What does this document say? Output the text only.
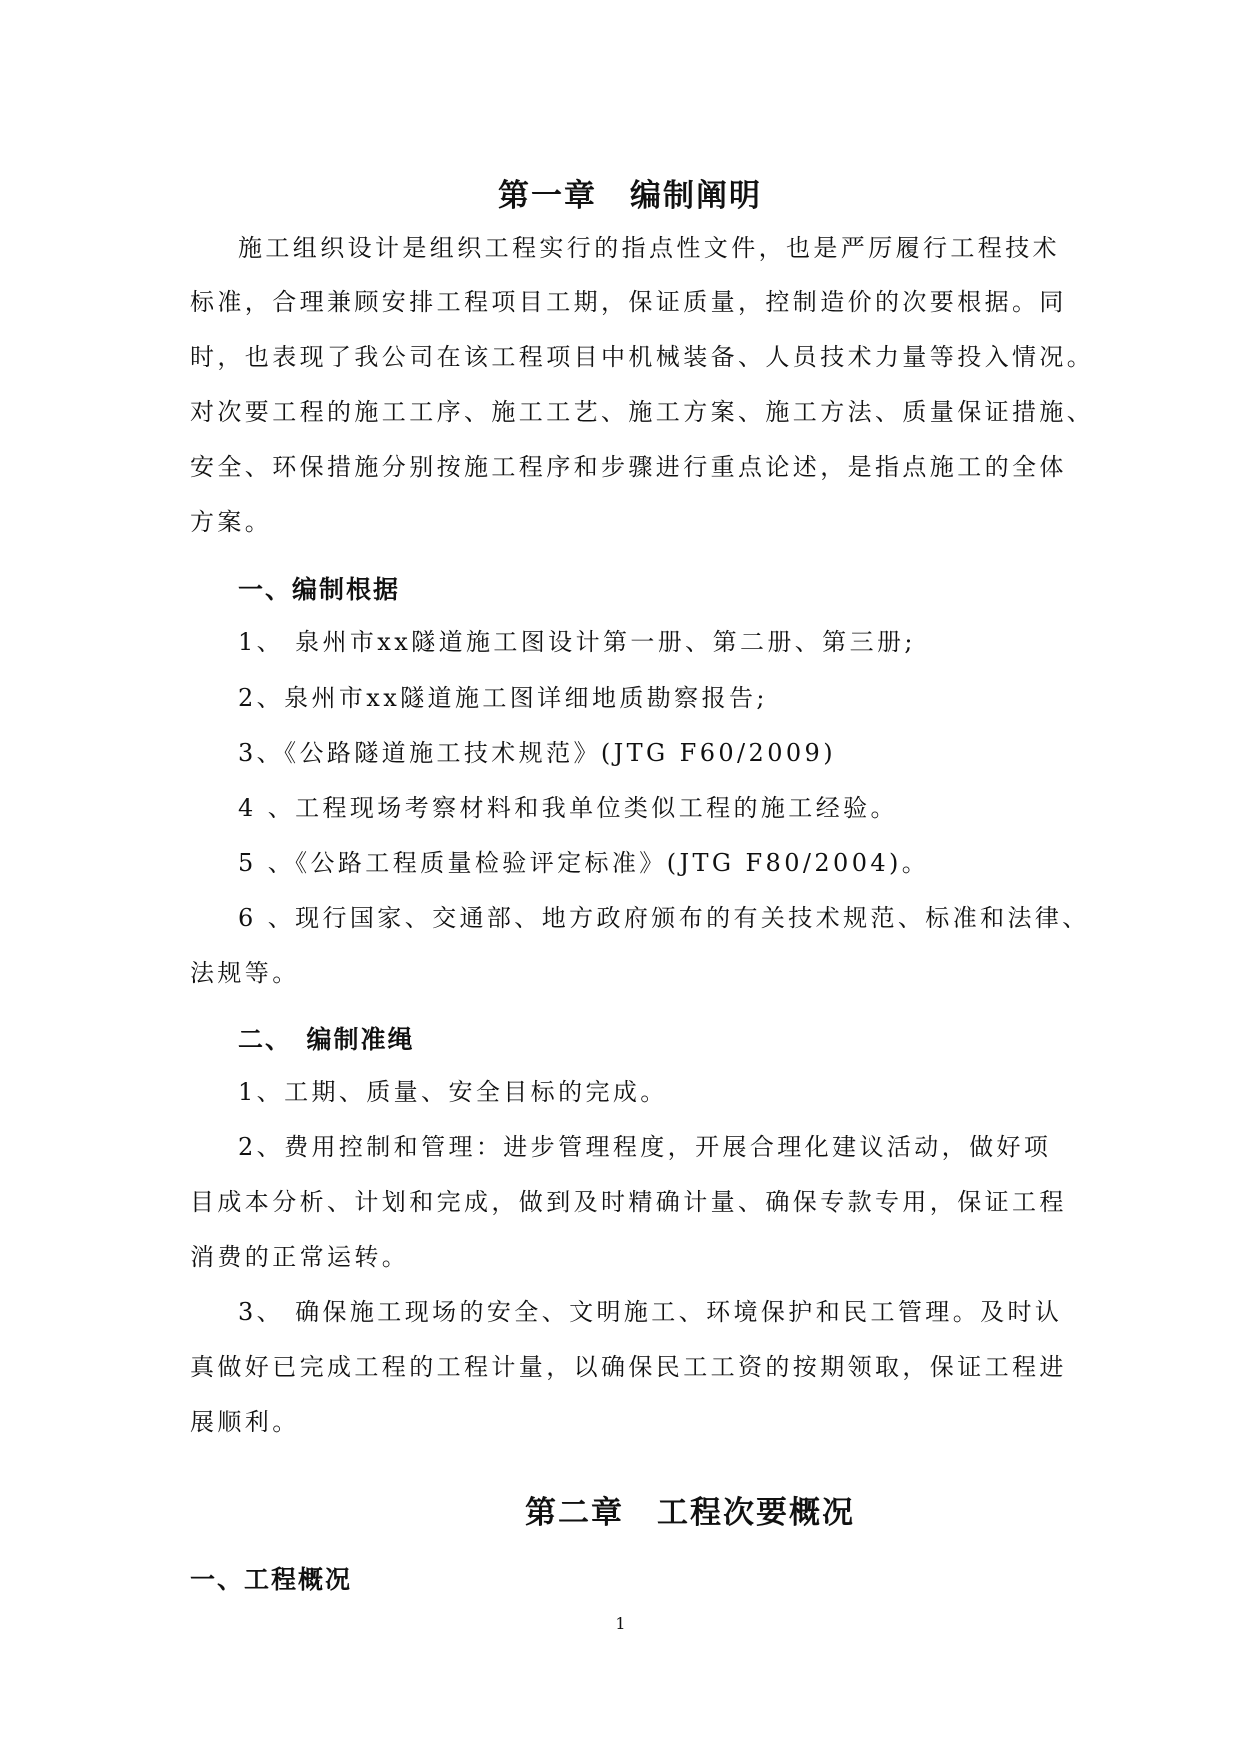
第一章　编制阐明
施工组织设计是组织工程实行的指点性文件，也是严厉履行工程技术
标准，合理兼顾安排工程项目工期，保证质量，控制造价的次要根据。同
时，也表现了我公司在该工程项目中机械装备、人员技术力量等投入情况。
对次要工程的施工工序、施工工艺、施工方案、施工方法、质量保证措施、
安全、环保措施分别按施工程序和步骤进行重点论述，是指点施工的全体
方案。
一、编制根据
1、 泉州市xx隧道施工图设计第一册、第二册、第三册;
2、泉州市xx隧道施工图详细地质勘察报告;
3、《公路隧道施工技术规范》(JTG F60/2009)
4 、工程现场考察材料和我单位类似工程的施工经验。
5 、《公路工程质量检验评定标准》(JTG F80/2004)。
6 、现行国家、交通部、地方政府颁布的有关技术规范、标准和法律、
法规等。
二、　编制准绳
1、工期、质量、安全目标的完成。
2、费用控制和管理：进步管理程度，开展合理化建议活动，做好项
目成本分析、计划和完成，做到及时精确计量、确保专款专用，保证工程
消费的正常运转。
3、 确保施工现场的安全、文明施工、环境保护和民工管理。及时认
真做好已完成工程的工程计量，以确保民工工资的按期领取，保证工程进
展顺利。
第二章　工程次要概况
一、工程概况
1
